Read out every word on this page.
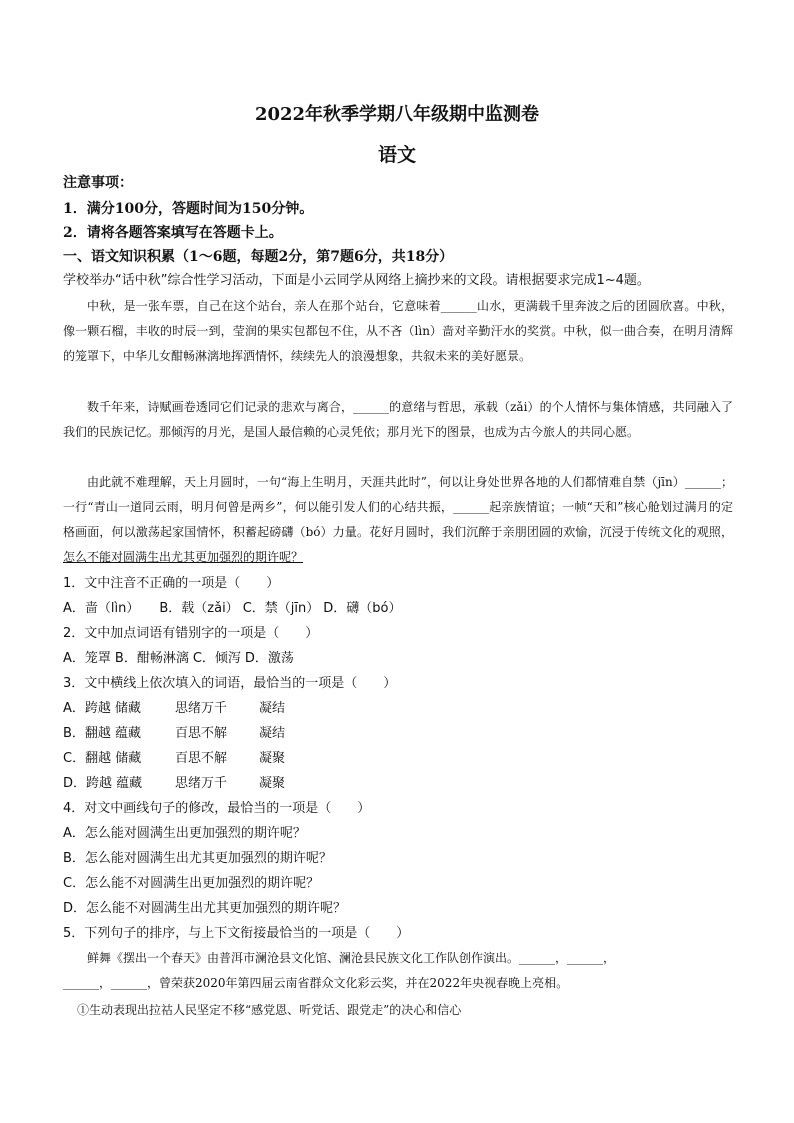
2022年秋季学期八年级期中监测卷
语文
注意事项：
1．满分100分，答题时间为150分钟。
2．请将各题答案填写在答题卡上。
一、语文知识积累（1～6题，每题2分，第7题6分，共18分）
学校举办“话中秋”综合性学习活动，下面是小云同学从网络上摘抄来的文段。请根据要求完成1~4题。

中秋，是一张车票，自己在这个站台，亲人在那个站台，它意味着______山水，更满载千里奔波之后的团圆欣喜。中秋，像一颗石榴，丰收的时辰一到，莹润的果实包都包不住，从不吝（lìn）啬对辛勤汗水的奖赏。中秋，似一曲合奏，在明月清辉的笼罩下，中华儿女酣畅淋漓地挥洒情怀，续续先人的浪漫想象，共叙未来的美好愿景。

数千年来，诗赋画卷透同它们记录的悲欢与离合，______的意绪与哲思，承载（zǎi）的个人情怀与集体情感，共同融入了我们的民族记忆。那倾泻的月光，是国人最信赖的心灵凭依；那月光下的图景，也成为古今旅人的共同心愿。

由此就不难理解，天上月圆时，一句“海上生明月，天涯共此时”，何以让身处世界各地的人们都情难自禁（jīn）______；一行“青山一道同云雨，明月何曾是两乡”，何以能引发人们的心结共振，______起亲族情谊；一帧“天和”核心舱划过满月的定格画面，何以激荡起家国情怀，积蓄起磅礴（bó）力量。花好月圆时，我们沉醉于亲朋团圆的欢愉，沉浸于传统文化的观照，怎么不能对圆满生出尤其更加强烈的期许呢？

1．文中注音不正确的一项是（　　）
A．啬（lìn） B．载（zǎi） C．禁（jīn） D．礴（bó）
2．文中加点词语有错别字的一项是（　　）
A．笼罩 B．酣畅淋漓 C．倾泻 D．激荡
3．文中横线上依次填入的词语，最恰当的一项是（　　）
A．跨越 储藏	思绪万千 凝结
B．翻越 蕴藏	百思不解 凝结
C．翻越 储藏	百思不解 凝聚
D．跨越 蕴藏	思绪万千 凝聚
4．对文中画线句子的修改，最恰当的一项是（　　）
A．怎么能对圆满生出更加强烈的期许呢？
B．怎么能对圆满生出尤其更加强烈的期许呢？
C．怎么能不对圆满生出更加强烈的期许呢？
D．怎么能不对圆满生出尤其更加强烈的期许呢？
5．下列句子的排序，与上下文衔接最恰当的一项是（　　）

鲜舞《摆出一个春天》由普洱市澜沧县文化馆、澜沧县民族文化工作队创作演出。______，______，

______，______，曾荣获2020年第四届云南省群众文化彩云奖，并在2022年央视春晚上亮相。

①生动表现出拉祜人民坚定不移“感党恩、听党话、跟党走”的决心和信心
